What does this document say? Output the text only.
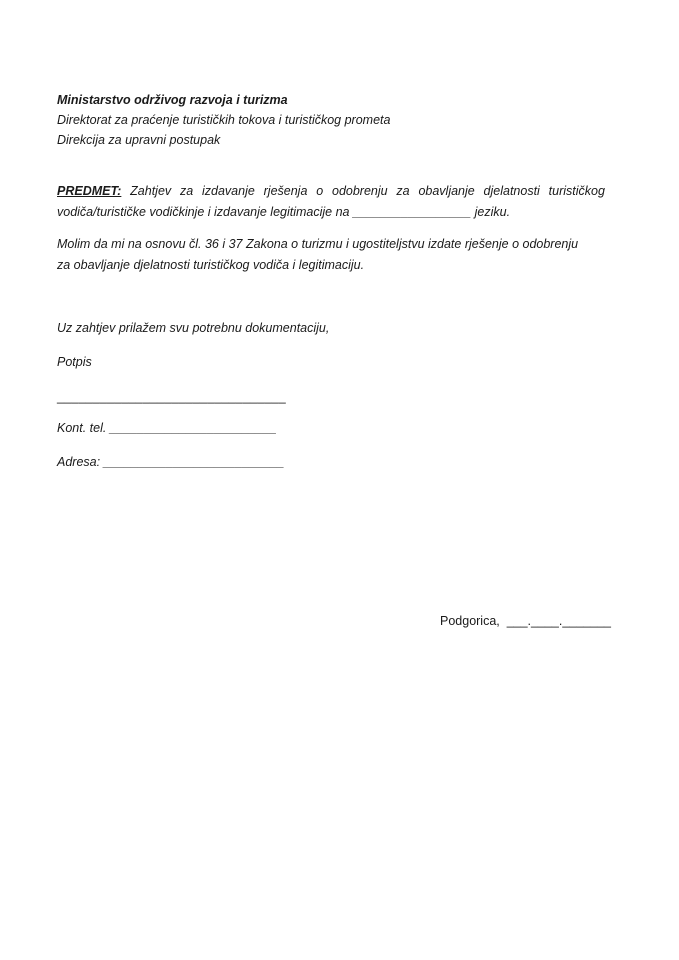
Ministarstvo održivog razvoja i turizma
Direktorat za praćenje turističkih tokova i turističkog prometa
Direkcija za upravni postupak
PREDMET: Zahtjev za izdavanje rješenja o odobrenju za obavljanje djelatnosti turističkog
vodiča/turističke vodičkinje i izdavanje legitimacije na _________________ jeziku.
Molim da mi na osnovu čl. 36 i 37 Zakona o turizmu i ugostiteljstvu izdate rješenje o odobrenju
za obavljanje djelatnosti turističkog vodiča i legitimaciju.
Uz zahtjev prilažem svu potrebnu dokumentaciju,
Potpis
________________________________
Kont. tel. ________________________
Adresa: __________________________
Podgorica,  ___.____._______
